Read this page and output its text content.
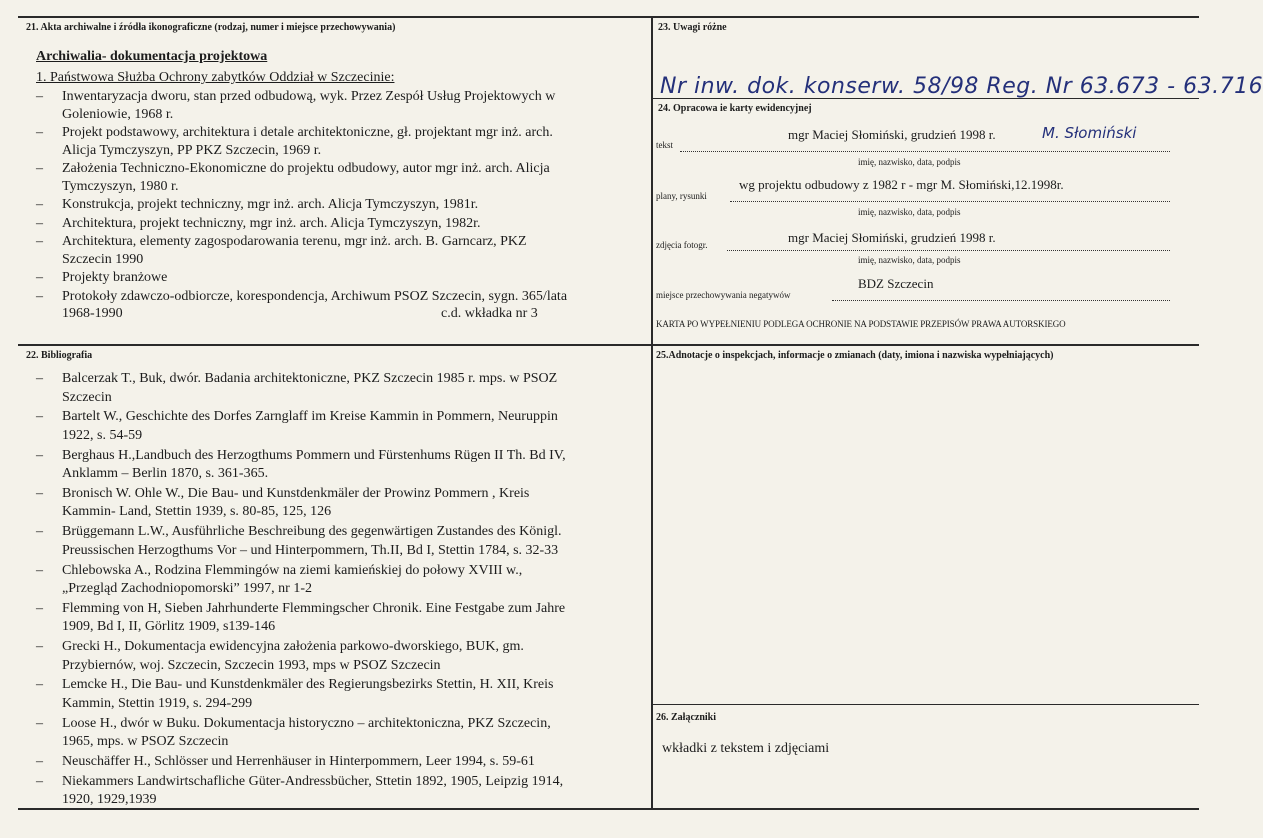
21. Akta archiwalne i źródła ikonograficzne (rodzaj, numer i miejsce przechowywania)
Archiwalia- dokumentacja projektowa
1. Państwowa Służba Ochrony zabytków Oddział w Szczecinie:
– Inwentaryzacja dworu, stan przed odbudową, wyk. Przez Zespół Usług Projektowych w
Goleniowie, 1968 r.
– Projekt podstawowy, architektura i detale architektoniczne, gł. projektant mgr inż. arch.
Alicja Tymczyszyn, PP PKZ Szczecin, 1969 r.
– Założenia Techniczno-Ekonomiczne do projektu odbudowy, autor mgr inż. arch. Alicja
Tymczyszyn, 1980 r.
– Konstrukcja, projekt techniczny, mgr inż. arch. Alicja Tymczyszyn, 1981r.
– Architektura, projekt techniczny, mgr inż. arch. Alicja Tymczyszyn, 1982r.
– Architektura, elementy zagospodarowania terenu, mgr inż. arch. B. Garncarz, PKZ
Szczecin 1990
– Projekty branżowe
– Protokoły zdawczo-odbiorcze, korespondencja, Archiwum PSOZ Szczecin, sygn. 365/lata
1968-1990	c.d. wkładka nr 3
23. Uwagi różne
Nr inw. dok. konserw. 58/98 Reg. Nr 63.673 - 63.716
24. Opracowa ie karty ewidencyjnej
mgr Maciej Słomiński, grudzień 1998 r.	M. Słomiński
tekst
imię, nazwisko, data, podpis
wg projektu odbudowy z 1982 r - mgr M. Słomiński,12.1998r.
plany, rysunki
imię, nazwisko, data, podpis
mgr Maciej Słomiński, grudzień 1998 r.
zdjęcia fotogr.
imię, nazwisko, data, podpis
BDZ Szczecin
miejsce przechowywania negatywów
KARTA PO WYPEŁNIENIU PODLEGA OCHRONIE NA PODSTAWIE PRZEPISÓW PRAWA AUTORSKIEGO
22. Bibliografia
– Balcerzak T., Buk, dwór. Badania architektoniczne, PKZ Szczecin 1985 r. mps. w PSOZ
Szczecin
– Bartelt W., Geschichte des Dorfes Zarnglaff im Kreise Kammin in Pommern, Neuruppin
1922, s. 54-59
– Berghaus H.,Landbuch des Herzogthums Pommern und Fürstenhums Rügen II Th. Bd IV,
Anklamm – Berlin 1870, s. 361-365.
– Bronisch W. Ohle W., Die Bau- und Kunstdenkmäler der Prowinz Pommern , Kreis
Kammin- Land, Stettin 1939, s. 80-85, 125, 126
– Brüggemann L.W., Ausführliche Beschreibung des gegenwärtigen Zustandes des Königl.
Preussischen Herzogthums Vor – und Hinterpommern, Th.II, Bd I, Stettin 1784, s. 32-33
– Chlebowska A., Rodzina Flemmingów na ziemi kamieńskiej do połowy XVIII w.,
„Przegląd Zachodniopomorski” 1997, nr 1-2
– Flemming von H, Sieben Jahrhunderte Flemmingscher Chronik. Eine Festgabe zum Jahre
1909, Bd I, II, Görlitz 1909, s139-146
– Grecki H., Dokumentacja ewidencyjna założenia parkowo-dworskiego, BUK, gm.
Przybiernów, woj. Szczecin, Szczecin 1993, mps w PSOZ Szczecin
– Lemcke H., Die Bau- und Kunstdenkmäler des Regierungsbezirks Stettin, H. XII, Kreis
Kammin, Stettin 1919, s. 294-299
– Loose H., dwór w Buku. Dokumentacja historyczno – architektoniczna, PKZ Szczecin,
1965, mps. w PSOZ Szczecin
– Neuschäffer H., Schlösser und Herrenhäuser in Hinterpommern, Leer 1994, s. 59-61
– Niekammers Landwirtschafliche Güter-Andressbücher, Sttetin 1892, 1905, Leipzig 1914,
1920, 1929,1939
25.Adnotacje o inspekcjach, informacje o zmianach (daty, imiona i nazwiska wypełniających)
26. Załączniki
wkładki z tekstem i zdjęciami
